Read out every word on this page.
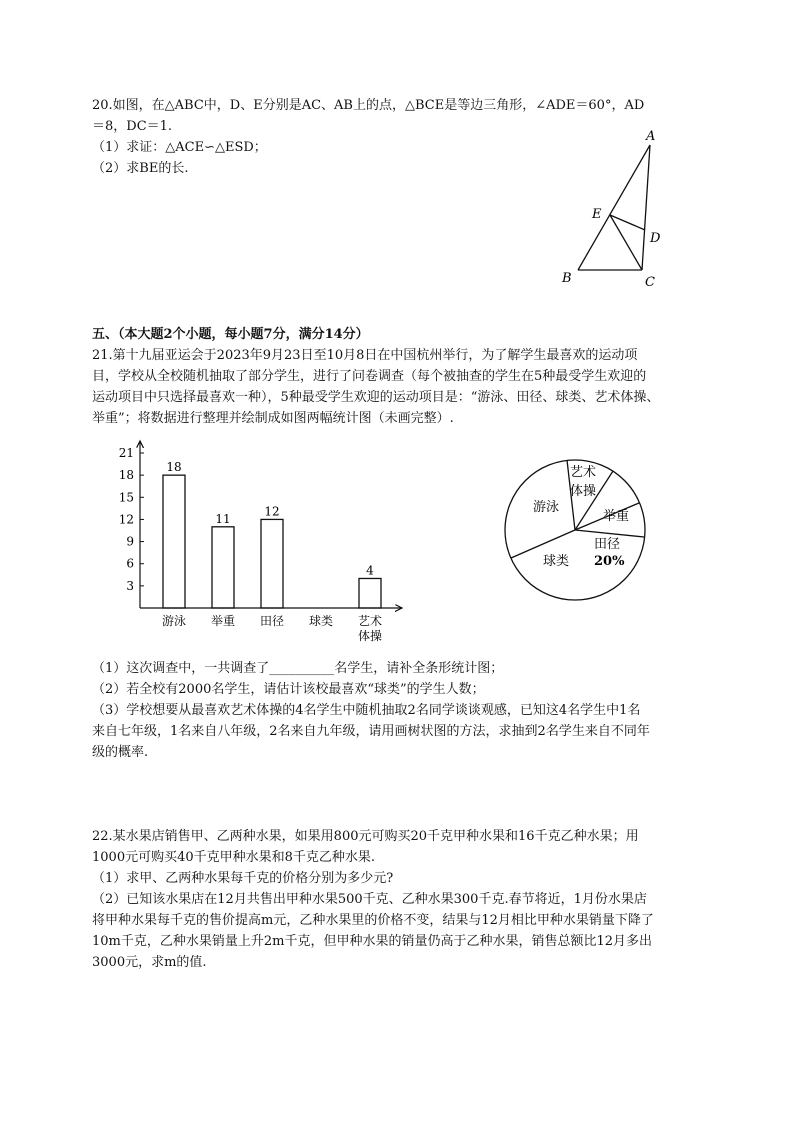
20.如图，在△ABC中，D、E分别是AC、AB上的点，△BCE是等边三角形，∠ADE＝60°，AD
＝8，DC＝1.
（1）求证：△ACE∽△ESD；
（2）求BE的长.
A
E
D
B	C
五、（本大题2个小题，每小题7分，满分14分）
21.第十九届亚运会于2023年9月23日至10月8日在中国杭州举行，为了解学生最喜欢的运动项
目，学校从全校随机抽取了部分学生，进行了问卷调查（每个被抽查的学生在5种最受学生欢迎的
运动项目中只选择最喜欢一种），5种最受学生欢迎的运动项目是：“游泳、田径、球类、艺术体操、
举重”；将数据进行整理并绘制成如图两幅统计图（未画完整）.
3
6
9
12
15
18
21
18
游泳
11
举重
12
田径 球类
4
艺术
体操
游泳
艺术
体操
举重
田径
20%
球类
（1）这次调查中，一共调查了__________名学生，请补全条形统计图；
（2）若全校有2000名学生，请估计该校最喜欢“球类”的学生人数；
（3）学校想要从最喜欢艺术体操的4名学生中随机抽取2名同学谈谈观感，已知这4名学生中1名
来自七年级，1名来自八年级，2名来自九年级，请用画树状图的方法，求抽到2名学生来自不同年
级的概率.
22.某水果店销售甲、乙两种水果，如果用800元可购买20千克甲种水果和16千克乙种水果；用
1000元可购买40千克甲种水果和8千克乙种水果.
（1）求甲、乙两种水果每千克的价格分别为多少元?
（2）已知该水果店在12月共售出甲种水果500千克、乙种水果300千克.春节将近，1月份水果店
将甲种水果每千克的售价提高m元，乙种水果里的价格不变，结果与12月相比甲种水果销量下降了
10m千克，乙种水果销量上升2m千克，但甲种水果的销量仍高于乙种水果，销售总额比12月多出
3000元，求m的值.
